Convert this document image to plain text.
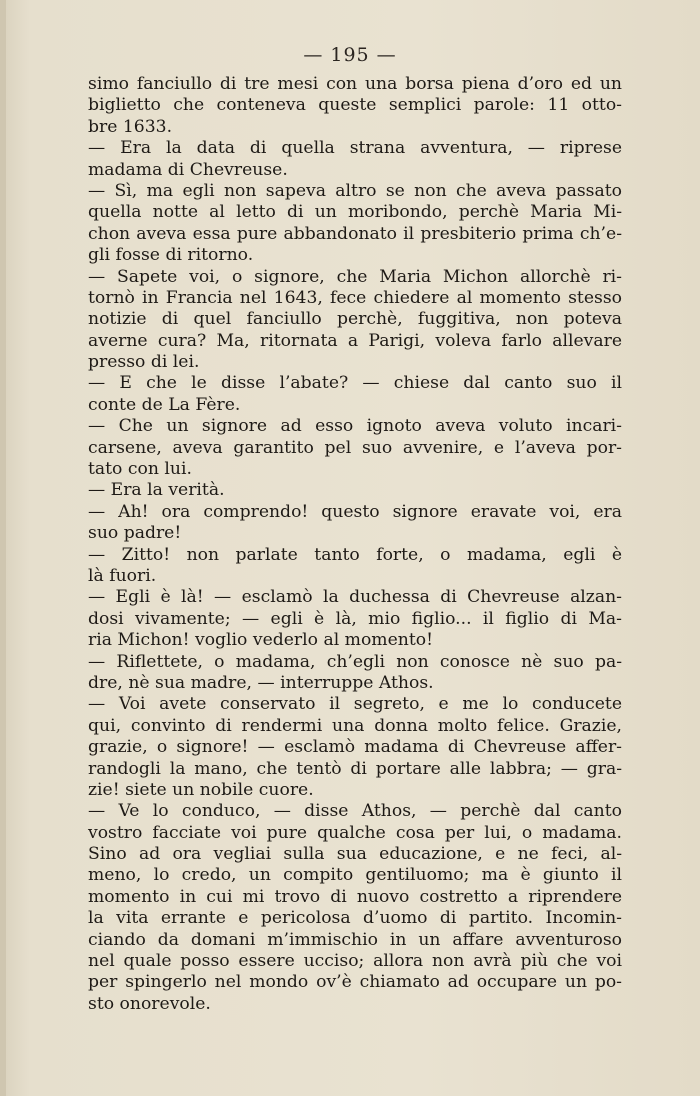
— 195 —
simo fanciullo di tre mesi con una borsa piena d’oro ed un
biglietto che conteneva queste semplici parole: 11 otto-
bre 1633.
— Era la data di quella strana avventura, — riprese
madama di Chevreuse.
— Sì, ma egli non sapeva altro se non che aveva passato
quella notte al letto di un moribondo, perchè Maria Mi-
chon aveva essa pure abbandonato il presbiterio prima ch’e-
gli fosse di ritorno.
— Sapete voi, o signore, che Maria Michon allorchè ri-
tornò in Francia nel 1643, fece chiedere al momento stesso
notizie di quel fanciullo perchè, fuggitiva, non poteva
averne cura? Ma, ritornata a Parigi, voleva farlo allevare
presso di lei.
— E che le disse l’abate? — chiese dal canto suo il
conte de La Fère.
— Che un signore ad esso ignoto aveva voluto incari-
carsene, aveva garantito pel suo avvenire, e l’aveva por-
tato con lui.
— Era la verità.
— Ah! ora comprendo! questo signore eravate voi, era
suo padre!
— Zitto! non parlate tanto forte, o madama, egli è
là fuori.
— Egli è là! — esclamò la duchessa di Chevreuse alzan-
dosi vivamente; — egli è là, mio figlio... il figlio di Ma-
ria Michon! voglio vederlo al momento!
— Riflettete, o madama, ch’egli non conosce nè suo pa-
dre, nè sua madre, — interruppe Athos.
— Voi avete conservato il segreto, e me lo conducete
qui, convinto di rendermi una donna molto felice. Grazie,
grazie, o signore! — esclamò madama di Chevreuse affer-
randogli la mano, che tentò di portare alle labbra; — gra-
zie! siete un nobile cuore.
— Ve lo conduco, — disse Athos, — perchè dal canto
vostro facciate voi pure qualche cosa per lui, o madama.
Sino ad ora vegliai sulla sua educazione, e ne feci, al-
meno, lo credo, un compito gentiluomo; ma è giunto il
momento in cui mi trovo di nuovo costretto a riprendere
la vita errante e pericolosa d’uomo di partito. Incomin-
ciando da domani m’immischio in un affare avventuroso
nel quale posso essere ucciso; allora non avrà più che voi
per spingerlo nel mondo ov’è chiamato ad occupare un po-
sto onorevole.
